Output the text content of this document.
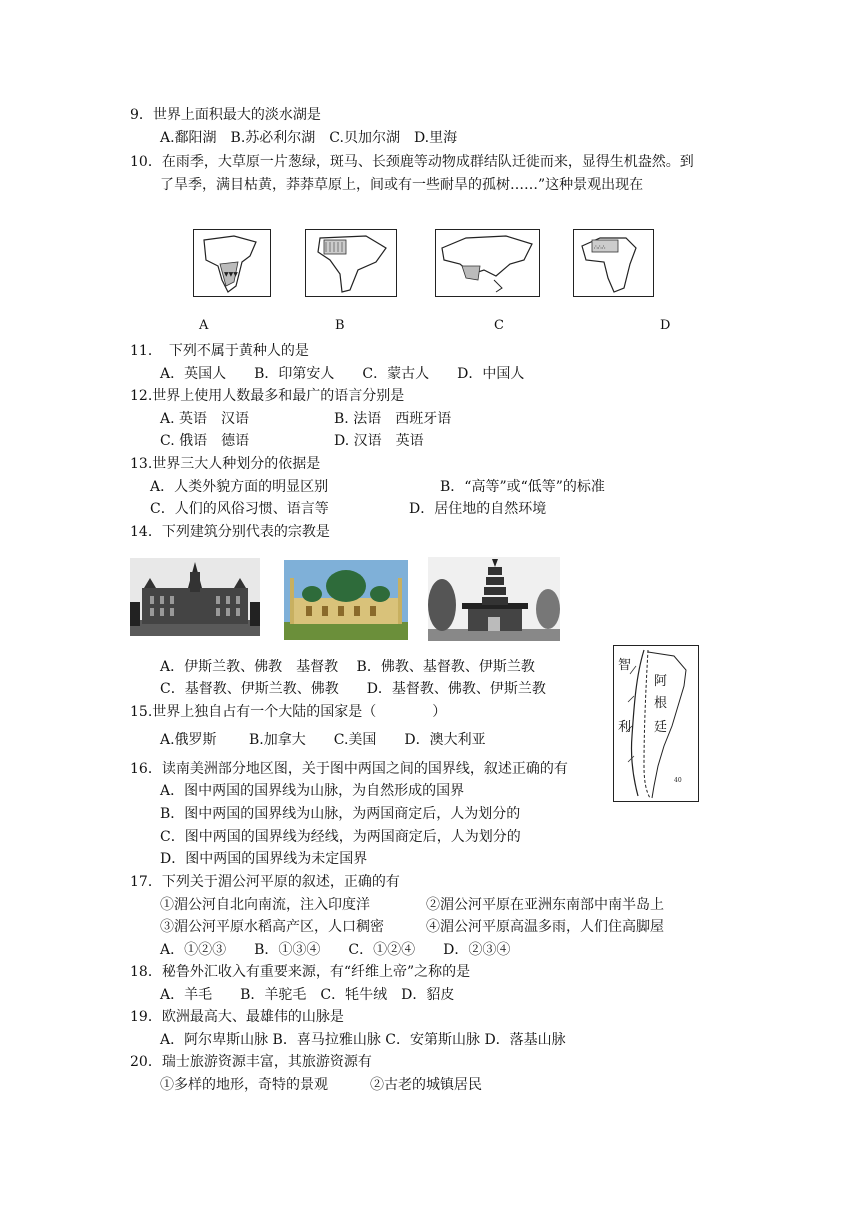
9．世界上面积最大的淡水湖是
A.鄱阳湖　B.苏必利尔湖　C.贝加尔湖　D.里海
10．在雨季，大草原一片葱绿，斑马、长颈鹿等动物成群结队迁徙而来，显得生机盎然。到
了旱季，满目枯黄，莽莽草原上，间或有一些耐旱的孤树……”这种景观出现在
▼▼▼
∴∴∴
A	B	C	D
11．　下列不属于黄种人的是
A．英国人　　B．印第安人　　C．蒙古人　　D．中国人
12.世界上使用人数最多和最广的语言分别是
A. 英语　汉语	B. 法语　西班牙语
C. 俄语　德语	D. 汉语　英语
13.世界三大人种划分的依据是
A．人类外貌方面的明显区别	B．“高等”或“低等”的标准
C．人们的风俗习惯、语言等	D．居住地的自然环境
14．下列建筑分别代表的宗教是
A．伊斯兰教、佛教　基督教　 B．佛教、基督教、伊斯兰教
C．基督教、伊斯兰教、佛教　　D．基督教、佛教、伊斯兰教
40
智
利
阿
根
廷
15.世界上独自占有一个大陆的国家是（　　　　）
A.俄罗斯　　 B.加拿大　　C.美国　　D．澳大利亚
16．读南美洲部分地区图，关于图中两国之间的国界线，叙述正确的有
A．图中两国的国界线为山脉，为自然形成的国界
B．图中两国的国界线为山脉，为两国商定后，人为划分的
C．图中两国的国界线为经线，为两国商定后，人为划分的
D．图中两国的国界线为未定国界
17．下列关于湄公河平原的叙述，正确的有
①湄公河自北向南流，注入印度洋	②湄公河平原在亚洲东南部中南半岛上
③湄公河平原水稻高产区，人口稠密	④湄公河平原高温多雨，人们住高脚屋
A．①②③　　B．①③④　　C．①②④　　D．②③④
18．秘鲁外汇收入有重要来源，有“纤维上帝”之称的是
A．羊毛　　B．羊驼毛　C．牦牛绒　D．貂皮
19．欧洲最高大、最雄伟的山脉是
A．阿尔卑斯山脉 B．喜马拉雅山脉 C．安第斯山脉 D．落基山脉
20．瑞士旅游资源丰富，其旅游资源有
①多样的地形，奇特的景观　　　②古老的城镇居民
